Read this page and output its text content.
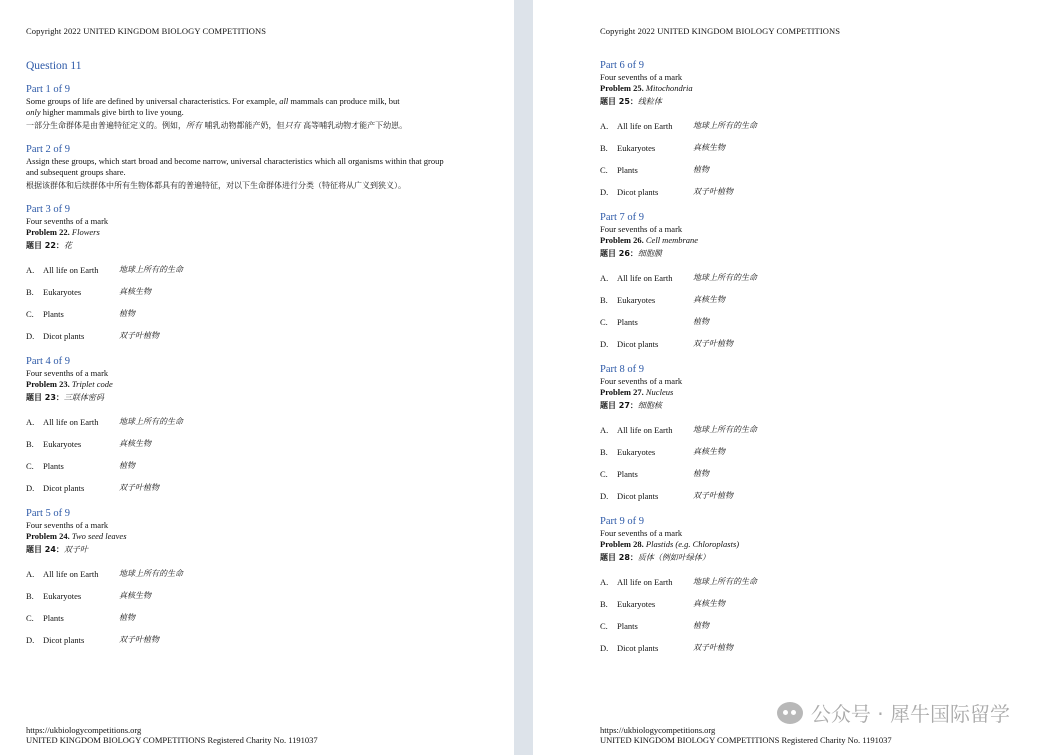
Copyright 2022 UNITED KINGDOM BIOLOGY COMPETITIONS
Question 11
Part 1 of 9

Some groups of life are defined by universal characteristics. For example, all mammals can produce milk, but
only higher mammals give birth to live young.

一部分生命群体是由普遍特征定义的。例如，所有 哺乳动物都能产奶，但只有 高等哺乳动物才能产下幼崽。

Part 2 of 9

Assign these groups, which start broad and become narrow, universal characteristics which all organisms within that group and subsequent groups share.

根据该群体和后续群体中所有生物体都具有的普遍特征，对以下生命群体进行分类（特征将从广义到狭义）。

Part 3 of 9

Four sevenths of a mark

Problem 22. Flowers

题目 22：花

A.	All life on Earth	地球上所有的生命
B.	Eukaryotes	真核生物
C.	Plants	植物
D.	Dicot plants	双子叶植物
Part 4 of 9

Four sevenths of a mark

Problem 23. Triplet code

题目 23：三联体密码

A.	All life on Earth	地球上所有的生命
B.	Eukaryotes	真核生物
C.	Plants	植物
D.	Dicot plants	双子叶植物
Part 5 of 9

Four sevenths of a mark

Problem 24. Two seed leaves

题目 24：双子叶

A.	All life on Earth	地球上所有的生命
B.	Eukaryotes	真核生物
C.	Plants	植物
D.	Dicot plants	双子叶植物
https://ukbiologycompetitions.org
UNITED KINGDOM BIOLOGY COMPETITIONS Registered Charity No. 1191037
Copyright 2022 UNITED KINGDOM BIOLOGY COMPETITIONS
Part 6 of 9

Four sevenths of a mark

Problem 25. Mitochondria

题目 25：线粒体

A.	All life on Earth	地球上所有的生命
B.	Eukaryotes	真核生物
C.	Plants	植物
D.	Dicot plants	双子叶植物
Part 7 of 9

Four sevenths of a mark

Problem 26. Cell membrane

题目 26：细胞膜

A.	All life on Earth	地球上所有的生命
B.	Eukaryotes	真核生物
C.	Plants	植物
D.	Dicot plants	双子叶植物
Part 8 of 9

Four sevenths of a mark

Problem 27. Nucleus

题目 27：细胞核

A.	All life on Earth	地球上所有的生命
B.	Eukaryotes	真核生物
C.	Plants	植物
D.	Dicot plants	双子叶植物
Part 9 of 9

Four sevenths of a mark

Problem 28. Plastids (e.g. Chloroplasts)

题目 28：质体（例如叶绿体）

A.	All life on Earth	地球上所有的生命
B.	Eukaryotes	真核生物
C.	Plants	植物
D.	Dicot plants	双子叶植物
https://ukbiologycompetitions.org
UNITED KINGDOM BIOLOGY COMPETITIONS Registered Charity No. 1191037
公众号 · 犀牛国际留学
